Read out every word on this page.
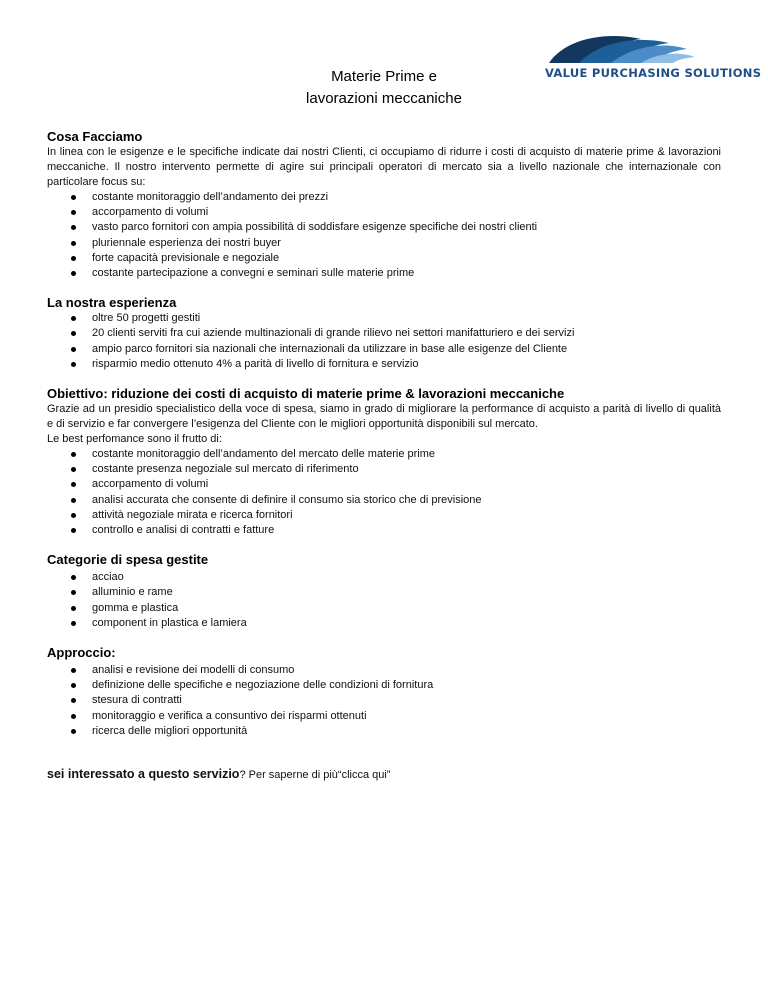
VALUE PURCHASING SOLUTIONS
Materie Prime e
lavorazioni meccaniche
Cosa Facciamo

In linea con le esigenze e le specifiche indicate dai nostri Clienti, ci occupiamo di ridurre i costi di acquisto di materie prime & lavorazioni meccaniche. Il nostro intervento permette di agire sui principali operatori di mercato sia a livello nazionale che internazionale con particolare focus su:

costante monitoraggio dell’andamento dei prezzi
accorpamento di volumi
vasto parco fornitori con ampia possibilità di soddisfare esigenze specifiche dei nostri clienti
pluriennale esperienza dei nostri buyer
forte capacità previsionale e negoziale
costante partecipazione a convegni e seminari sulle materie prime
La nostra esperienza
oltre 50 progetti gestiti
20 clienti serviti fra cui aziende multinazionali di grande rilievo nei settori manifatturiero e dei servizi
ampio parco fornitori sia nazionali che internazionali da utilizzare in base alle esigenze del Cliente
risparmio medio ottenuto 4% a parità di livello di fornitura e servizio
Obiettivo: riduzione dei costi di acquisto di materie prime & lavorazioni meccaniche

Grazie ad un presidio specialistico della voce di spesa, siamo in grado di migliorare la performance di acquisto a parità di livello di qualità e di servizio e far convergere l’esigenza del Cliente con le migliori opportunità disponibili sul mercato.

Le best perfomance sono il frutto di:

costante monitoraggio dell’andamento del mercato delle materie prime
costante presenza negoziale sul mercato di riferimento
accorpamento di volumi
analisi accurata che consente di definire il consumo sia storico che di previsione
attività negoziale mirata e ricerca fornitori
controllo e analisi di contratti e fatture
Categorie di spesa gestite
acciao
alluminio e rame
gomma e plastica
component in plastica e lamiera
Approccio:
analisi e revisione dei modelli di consumo
definizione delle specifiche e negoziazione delle condizioni di fornitura
stesura di contratti
monitoraggio e verifica a consuntivo dei risparmi ottenuti
ricerca delle migliori opportunità
sei interessato a questo servizio? Per saperne di più“clicca qui”
